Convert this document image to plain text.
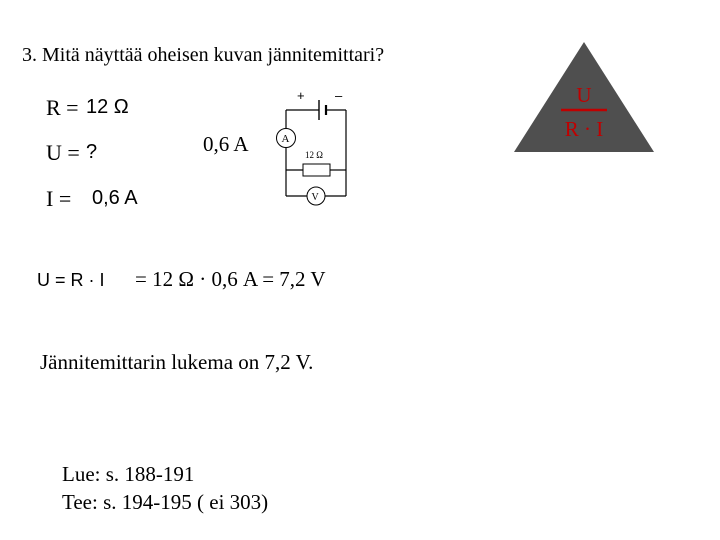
3. Mitä näyttää oheisen kuvan jännitemittari?
R = 12 Ω
U = ?
I = 0,6 A
0,6 A
+ –
A
12 Ω
V
U
R · I
U = R · I = 12 Ω · 0,6 A = 7,2 V
Jännitemittarin lukema on 7,2 V.
Lue: s. 188-191
Tee: s. 194-195 ( ei 303)
